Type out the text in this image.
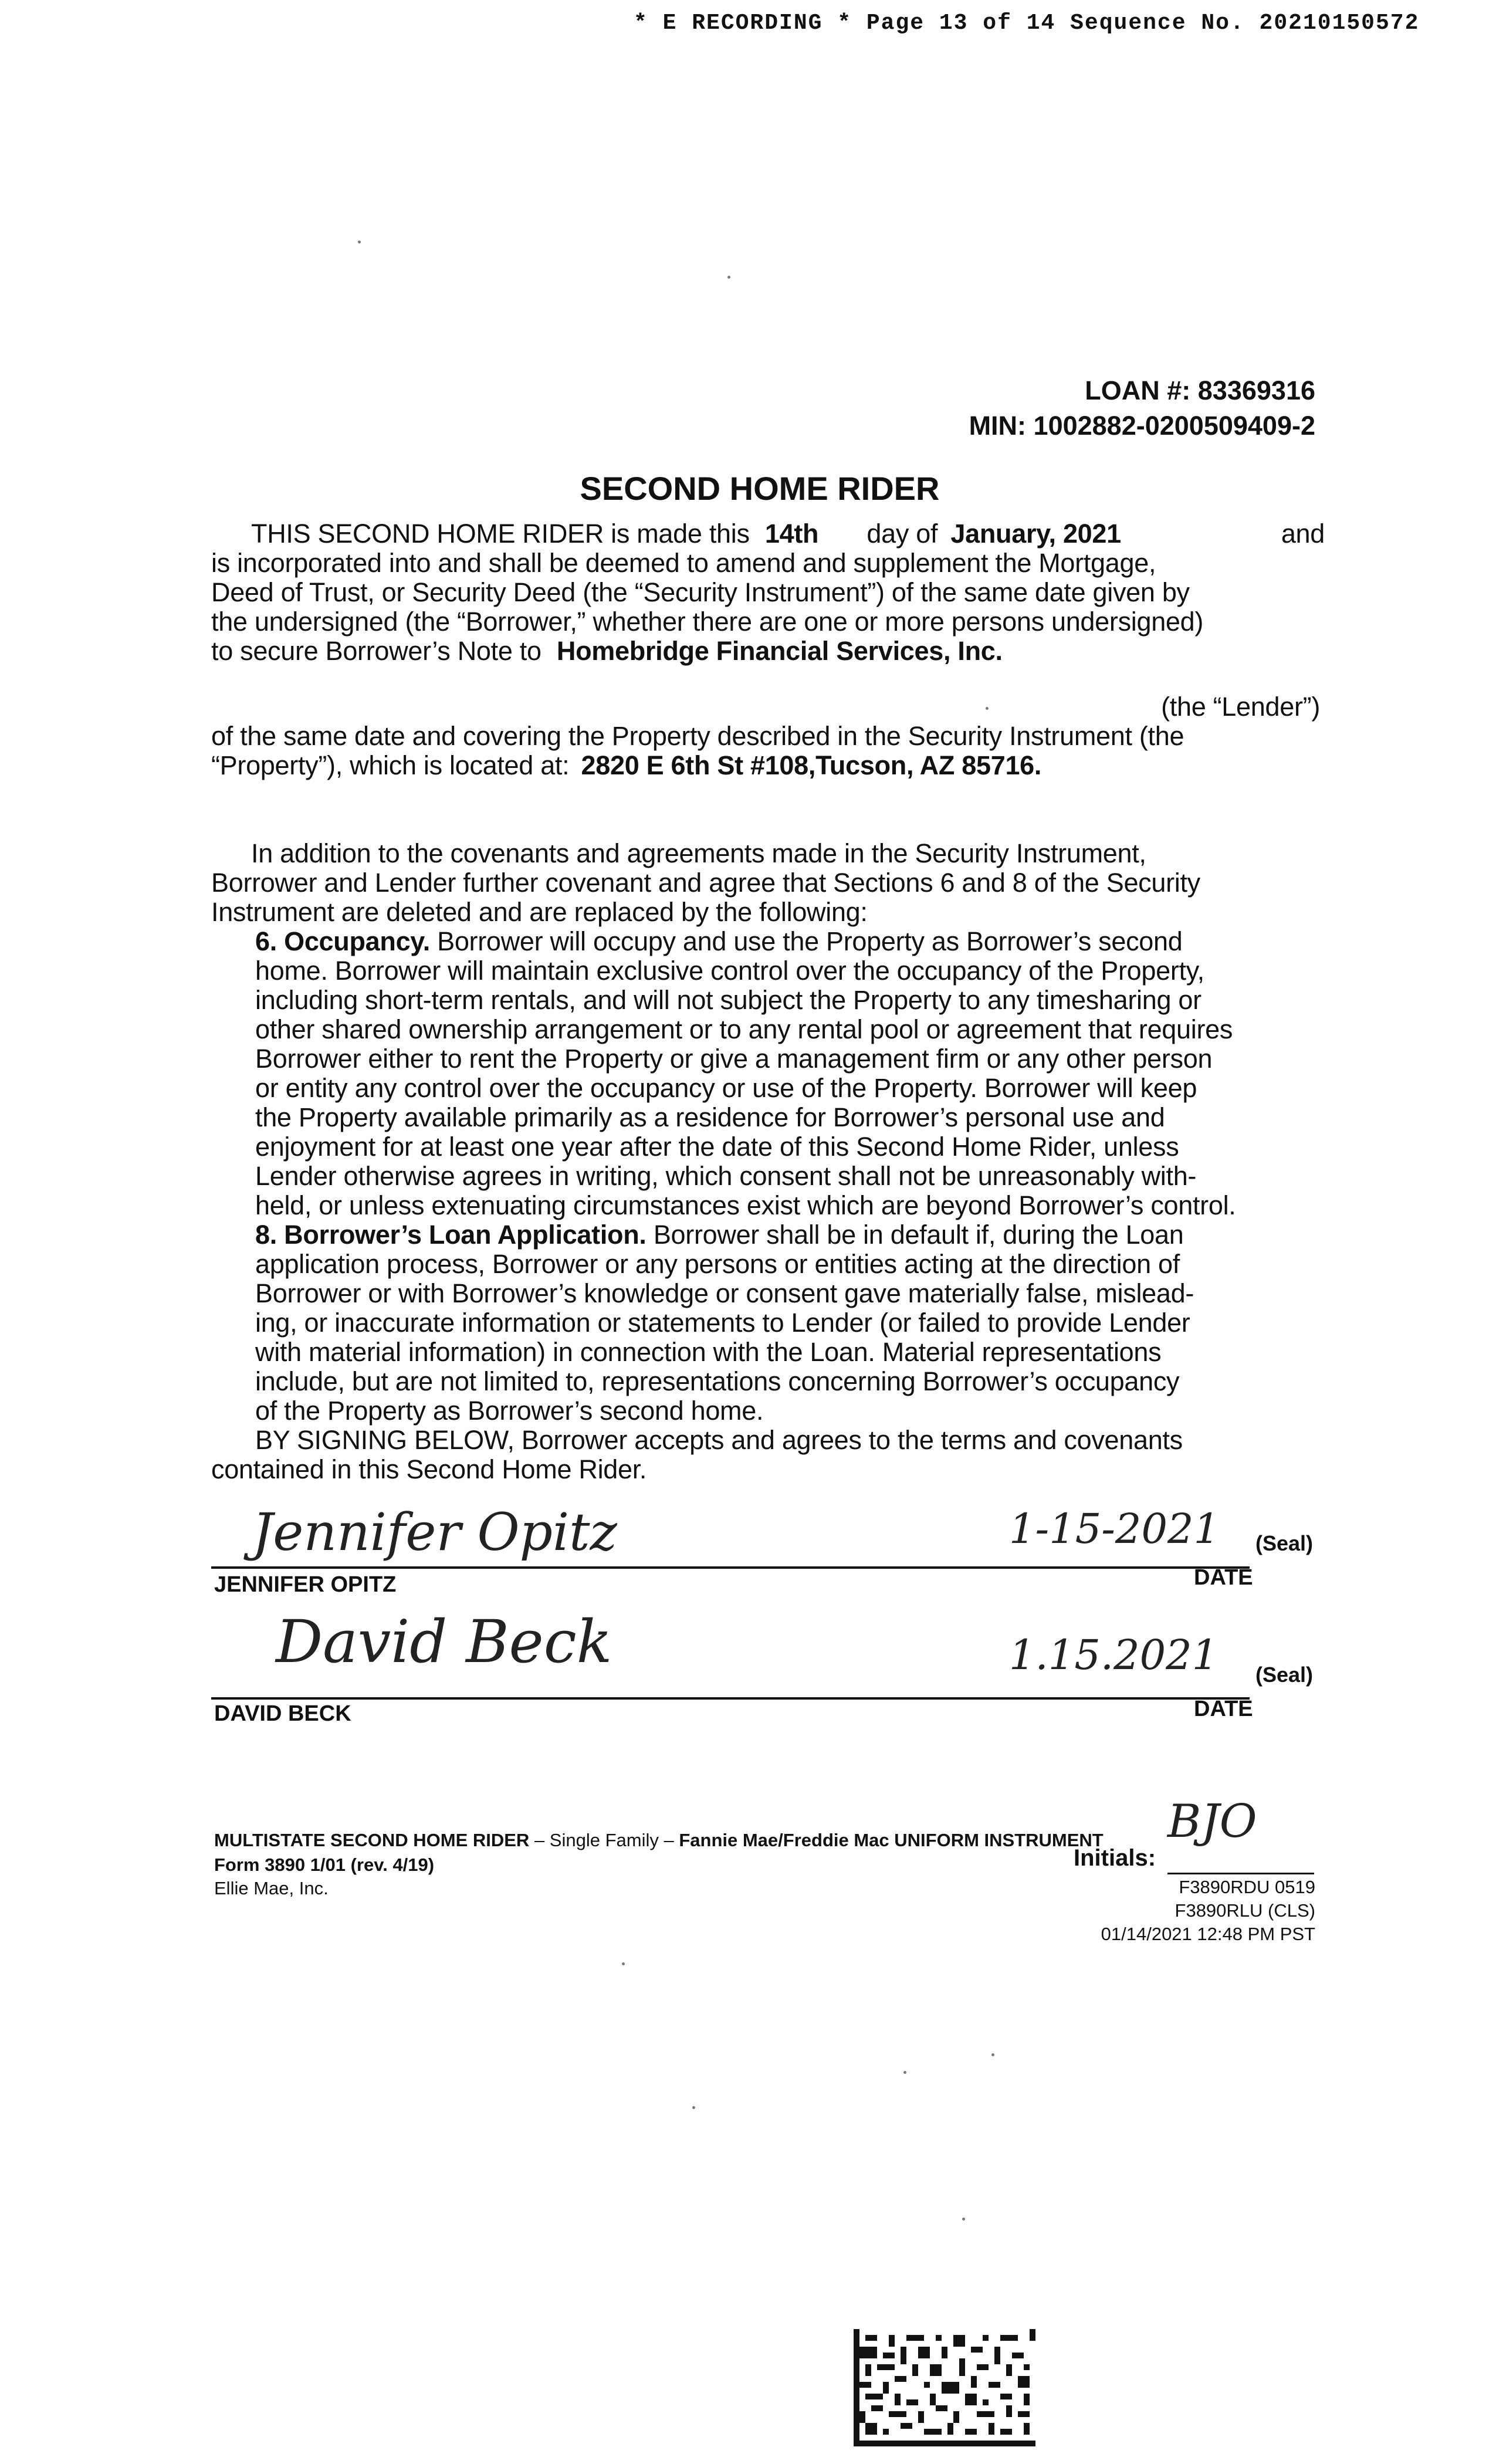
* E RECORDING * Page 13 of 14 Sequence No. 20210150572
LOAN #: 83369316
MIN: 1002882-0200509409-2
SECOND HOME RIDER
THIS SECOND HOME RIDER is made this 14th day of January, 2021	and
is incorporated into and shall be deemed to amend and supplement the Mortgage,
Deed of Trust, or Security Deed (the “Security Instrument”) of the same date given by
the undersigned (the “Borrower,” whether there are one or more persons undersigned)
to secure Borrower’s Note to Homebridge Financial Services, Inc.
(the “Lender”)
of the same date and covering the Property described in the Security Instrument (the
“Property”), which is located at: 2820 E 6th St #108,Tucson, AZ 85716.
In addition to the covenants and agreements made in the Security Instrument,
Borrower and Lender further covenant and agree that Sections 6 and 8 of the Security
Instrument are deleted and are replaced by the following:
6. Occupancy. Borrower will occupy and use the Property as Borrower’s second
home. Borrower will maintain exclusive control over the occupancy of the Property,
including short-term rentals, and will not subject the Property to any timesharing or
other shared ownership arrangement or to any rental pool or agreement that requires
Borrower either to rent the Property or give a management firm or any other person
or entity any control over the occupancy or use of the Property. Borrower will keep
the Property available primarily as a residence for Borrower’s personal use and
enjoyment for at least one year after the date of this Second Home Rider, unless
Lender otherwise agrees in writing, which consent shall not be unreasonably with-
held, or unless extenuating circumstances exist which are beyond Borrower’s control.
8. Borrower’s Loan Application. Borrower shall be in default if, during the Loan
application process, Borrower or any persons or entities acting at the direction of
Borrower or with Borrower’s knowledge or consent gave materially false, mislead-
ing, or inaccurate information or statements to Lender (or failed to provide Lender
with material information) in connection with the Loan. Material representations
include, but are not limited to, representations concerning Borrower’s occupancy
of the Property as Borrower’s second home.
BY SIGNING BELOW, Borrower accepts and agrees to the terms and covenants
contained in this Second Home Rider.
Jennifer Opitz	1-15-2021 (Seal)
JENNIFER OPITZ	DATE
David Beck	1.15.2021 (Seal)
DAVID BECK	DATE
MULTISTATE SECOND HOME RIDER – Single Family – Fannie Mae/Freddie Mac UNIFORM INSTRUMENT
Form 3890 1/01 (rev. 4/19)
Ellie Mae, Inc.
Initials:
BJO
F3890RDU 0519
F3890RLU (CLS)
01/14/2021 12:48 PM PST
